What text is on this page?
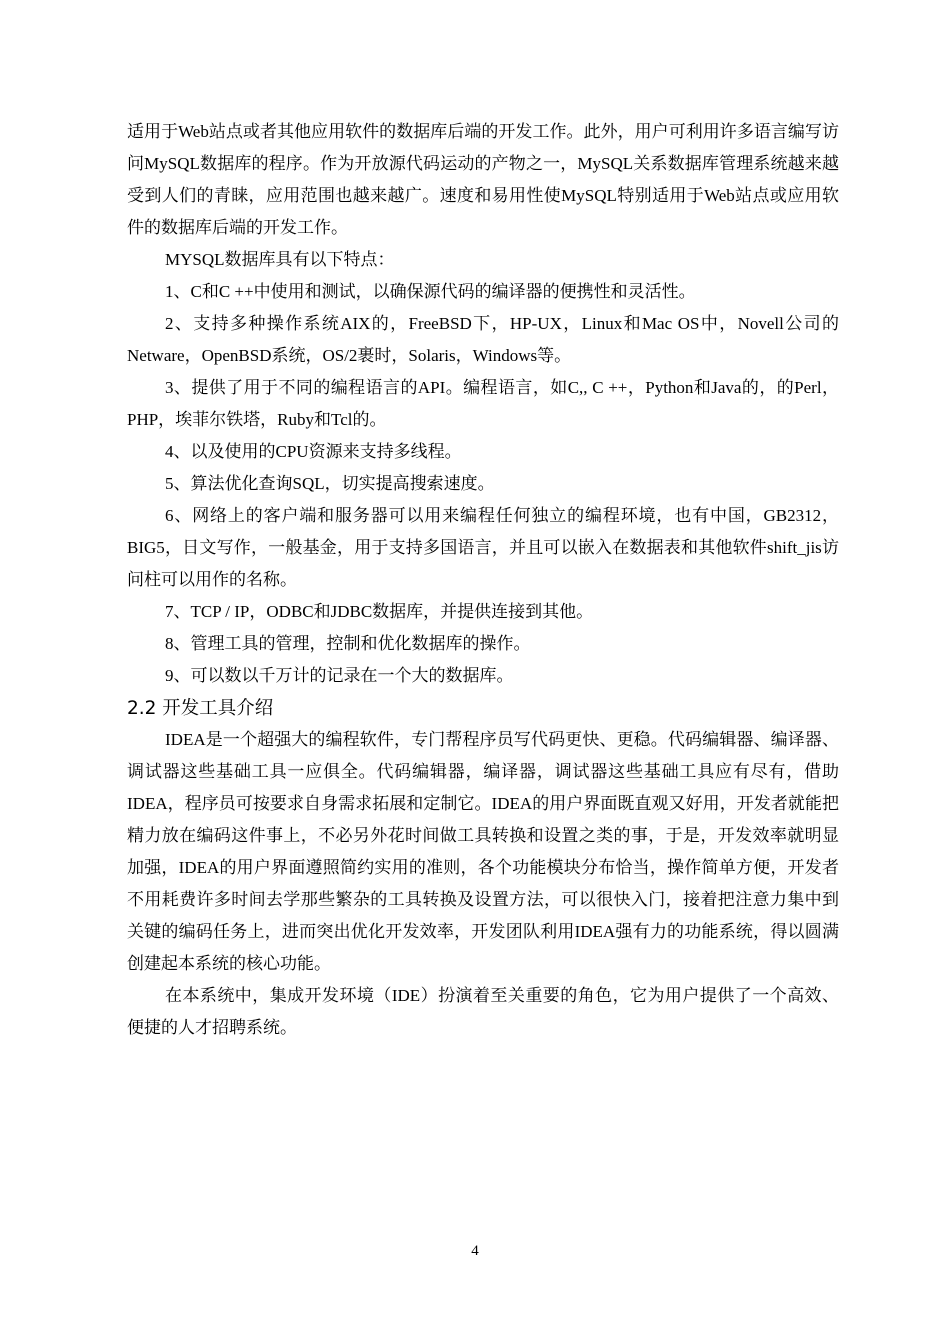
适用于Web站点或者其他应用软件的数据库后端的开发工作。此外，用户可利用许多语言编写访问MySQL数据库的程序。作为开放源代码运动的产物之一，MySQL关系数据库管理系统越来越受到人们的青睐，应用范围也越来越广。速度和易用性使MySQL特别适用于Web站点或应用软件的数据库后端的开发工作。

MYSQL数据库具有以下特点：

1、C和C ++中使用和测试，以确保源代码的编译器的便携性和灵活性。

2、支持多种操作系统AIX的，FreeBSD下，HP-UX，Linux和Mac OS中，Novell公司的Netware，OpenBSD系统，OS/2裹时，Solaris，Windows等。

3、提供了用于不同的编程语言的API。编程语言，如C,, C ++，Python和Java的，的Perl，PHP，埃菲尔铁塔，Ruby和Tcl的。

4、以及使用的CPU资源来支持多线程。

5、算法优化查询SQL，切实提高搜索速度。

6、网络上的客户端和服务器可以用来编程任何独立的编程环境，也有中国，GB2312，BIG5，日文写作，一般基金，用于支持多国语言，并且可以嵌入在数据表和其他软件shift_jis访问柱可以用作的名称。

7、TCP / IP，ODBC和JDBC数据库，并提供连接到其他。

8、管理工具的管理，控制和优化数据库的操作。

9、可以数以千万计的记录在一个大的数据库。

2.2 开发工具介绍

IDEA是一个超强大的编程软件，专门帮程序员写代码更快、更稳。代码编辑器、编译器、调试器这些基础工具一应俱全。代码编辑器，编译器，调试器这些基础工具应有尽有，借助IDEA，程序员可按要求自身需求拓展和定制它。IDEA的用户界面既直观又好用，开发者就能把精力放在编码这件事上，不必另外花时间做工具转换和设置之类的事，于是，开发效率就明显加强，IDEA的用户界面遵照简约实用的准则，各个功能模块分布恰当，操作简单方便，开发者不用耗费许多时间去学那些繁杂的工具转换及设置方法，可以很快入门，接着把注意力集中到关键的编码任务上，进而突出优化开发效率，开发团队利用IDEA强有力的功能系统，得以圆满创建起本系统的核心功能。

在本系统中，集成开发环境（IDE）扮演着至关重要的角色，它为用户提供了一个高效、便捷的人才招聘系统。

4
